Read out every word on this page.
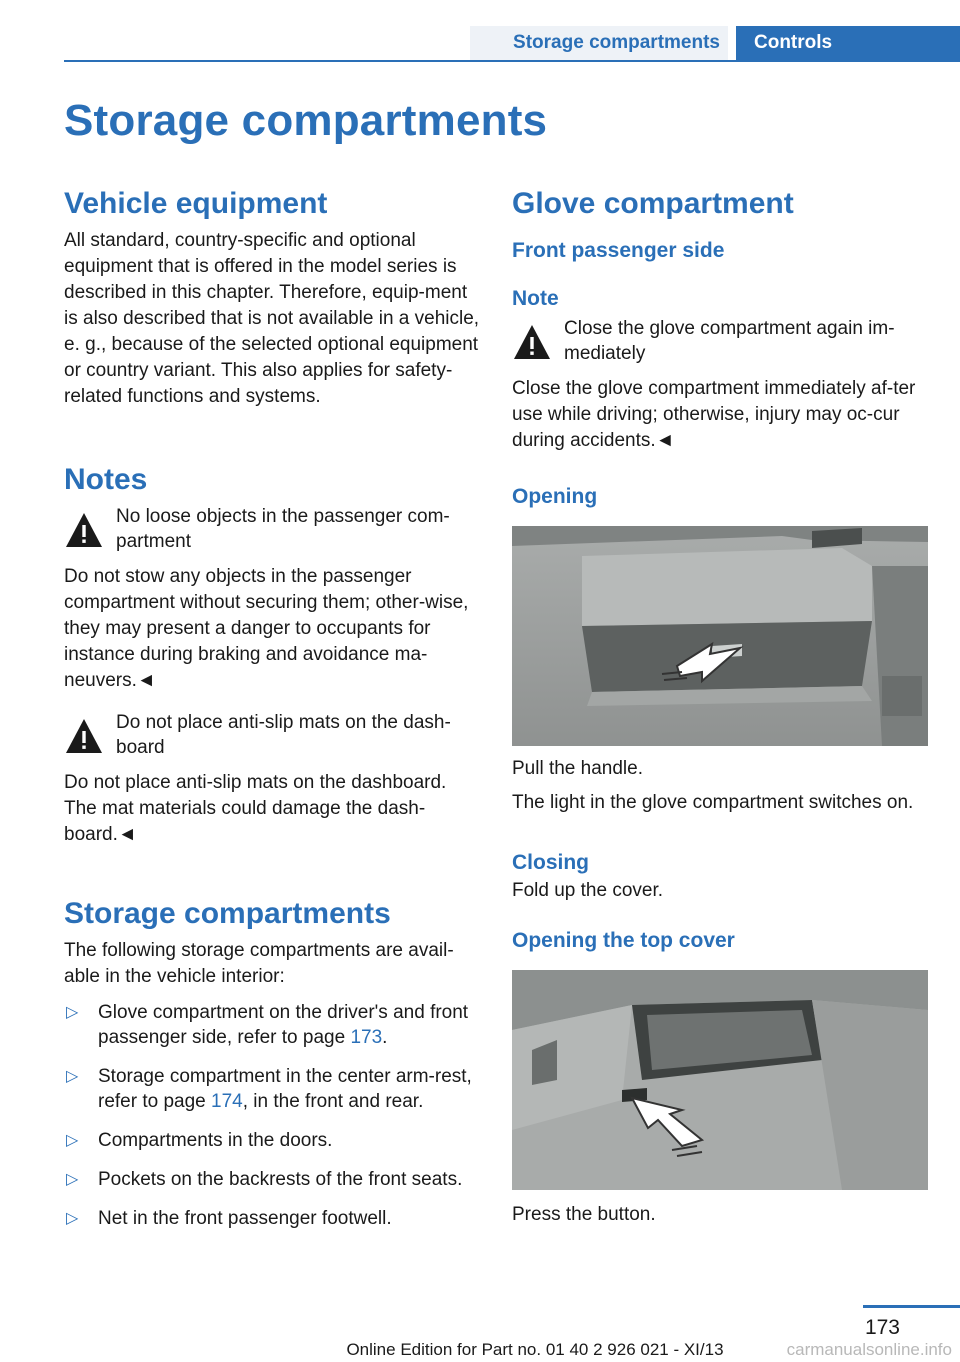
Storage compartments Controls
Storage compartments
Vehicle equipment

All standard, country-specific and optional equipment that is offered in the model series is described in this chapter. Therefore, equip-ment is also described that is not available in a vehicle, e. g., because of the selected optional equipment or country variant. This also applies for safety-related functions and systems.

Notes
No loose objects in the passenger com-partment

Do not stow any objects in the passenger compartment without securing them; other-wise, they may present a danger to occupants for instance during braking and avoidance ma-neuvers.◄

Do not place anti-slip mats on the dash-board

Do not place anti-slip mats on the dashboard. The mat materials could damage the dash-board.◄

Storage compartments

The following storage compartments are avail-able in the vehicle interior:

▷ Glove compartment on the driver's and front passenger side, refer to page 173.
▷ Storage compartment in the center arm-rest, refer to page 174, in the front and rear.
▷ Compartments in the doors.
▷ Pockets on the backrests of the front seats.
▷ Net in the front passenger footwell.
Glove compartment
Front passenger side
Note
Close the glove compartment again im-mediately

Close the glove compartment immediately af-ter use while driving; otherwise, injury may oc-cur during accidents.◄

Opening

Pull the handle.

The light in the glove compartment switches on.

Closing

Fold up the cover.

Opening the top cover

Press the button.

173
Online Edition for Part no. 01 40 2 926 021 - XI/13	carmanualsonline.info
